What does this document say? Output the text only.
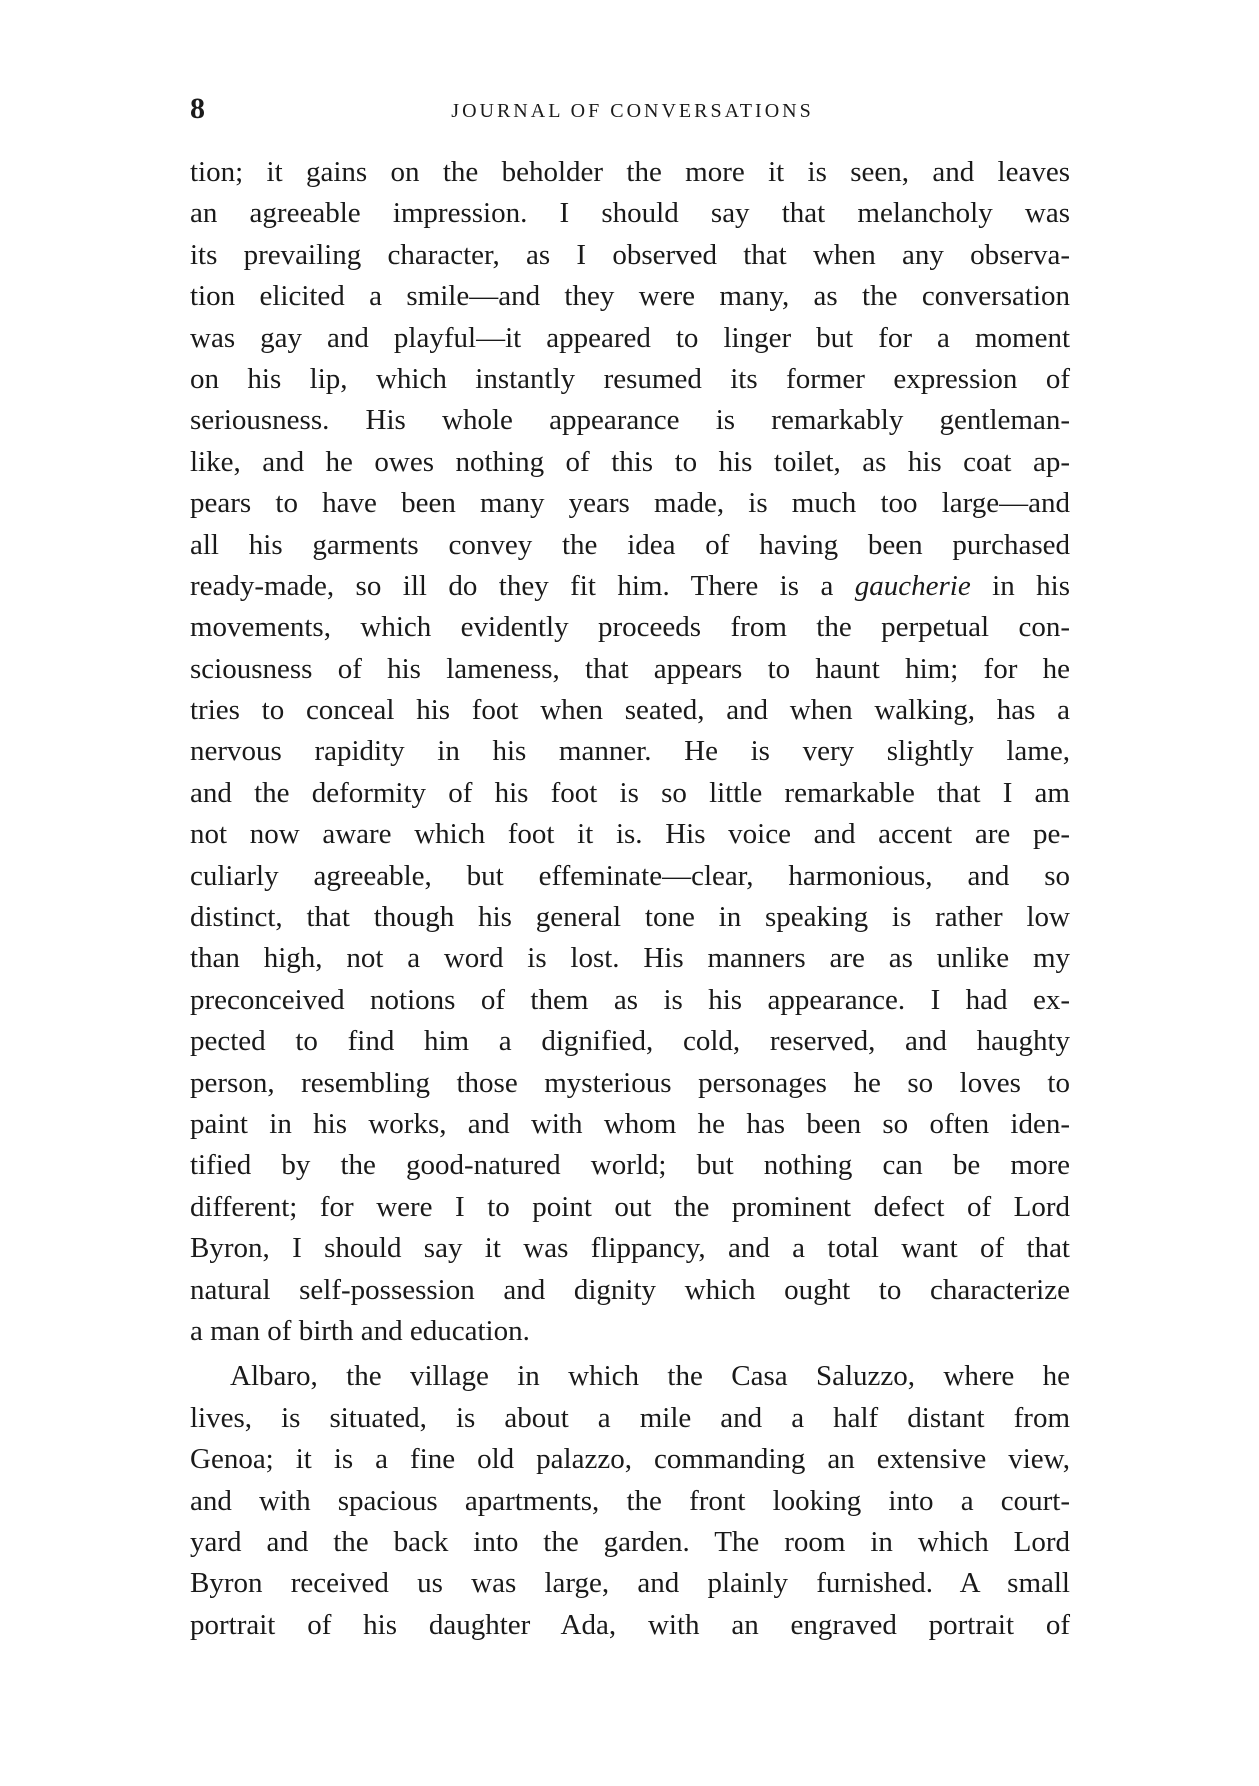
8	JOURNAL OF CONVERSATIONS
tion; it gains on the beholder the more it is seen, and leaves
an agreeable impression. I should say that melancholy was
its prevailing character, as I observed that when any observa-
tion elicited a smile—and they were many, as the conversation
was gay and playful—it appeared to linger but for a moment
on his lip, which instantly resumed its former expression of
seriousness. His whole appearance is remarkably gentleman-
like, and he owes nothing of this to his toilet, as his coat ap-
pears to have been many years made, is much too large—and
all his garments convey the idea of having been purchased
ready-made, so ill do they fit him. There is a gaucherie in his
movements, which evidently proceeds from the perpetual con-
sciousness of his lameness, that appears to haunt him; for he
tries to conceal his foot when seated, and when walking, has a
nervous rapidity in his manner. He is very slightly lame,
and the deformity of his foot is so little remarkable that I am
not now aware which foot it is. His voice and accent are pe-
culiarly agreeable, but effeminate—clear, harmonious, and so
distinct, that though his general tone in speaking is rather low
than high, not a word is lost. His manners are as unlike my
preconceived notions of them as is his appearance. I had ex-
pected to find him a dignified, cold, reserved, and haughty
person, resembling those mysterious personages he so loves to
paint in his works, and with whom he has been so often iden-
tified by the good-natured world; but nothing can be more
different; for were I to point out the prominent defect of Lord
Byron, I should say it was flippancy, and a total want of that
natural self-possession and dignity which ought to characterize
a man of birth and education.
Albaro, the village in which the Casa Saluzzo, where he
lives, is situated, is about a mile and a half distant from
Genoa; it is a fine old palazzo, commanding an extensive view,
and with spacious apartments, the front looking into a court-
yard and the back into the garden. The room in which Lord
Byron received us was large, and plainly furnished. A small
portrait of his daughter Ada, with an engraved portrait of
